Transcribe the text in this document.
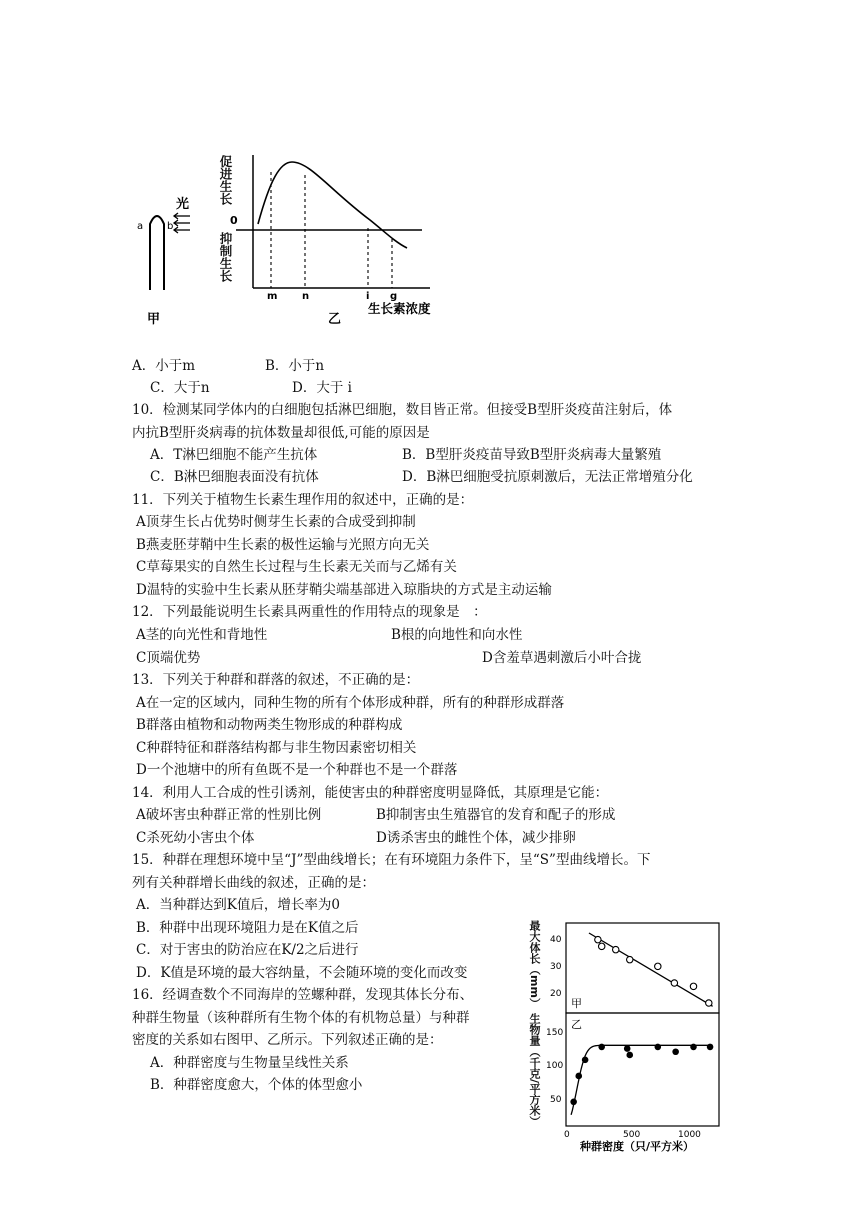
a b
光
甲
0
促进生长
抑制生长
m n	i g
生长素浓度
乙
A．小于m	B．小于n
C．大于n	D．大于 i
10．检测某同学体内的白细胞包括淋巴细胞，数目皆正常。但接受B型肝炎疫苗注射后，体
内抗B型肝炎病毒的抗体数量却很低,可能的原因是
A．T淋巴细胞不能产生抗体	B．B型肝炎疫苗导致B型肝炎病毒大量繁殖
C．B淋巴细胞表面没有抗体	D．B淋巴细胞受抗原刺激后，无法正常增殖分化
11．下列关于植物生长素生理作用的叙述中，正确的是：
A顶芽生长占优势时侧芽生长素的合成受到抑制
B燕麦胚芽鞘中生长素的极性运输与光照方向无关
C草莓果实的自然生长过程与生长素无关而与乙烯有关
D温特的实验中生长素从胚芽鞘尖端基部进入琼脂块的方式是主动运输
12．下列最能说明生长素具两重性的作用特点的现象是　：
A茎的向光性和背地性	B根的向地性和向水性
C顶端优势	D含羞草遇刺激后小叶合拢
13．下列关于种群和群落的叙述，不正确的是：
A在一定的区域内，同种生物的所有个体形成种群，所有的种群形成群落
B群落由植物和动物两类生物形成的种群构成
C种群特征和群落结构都与非生物因素密切相关
D一个池塘中的所有鱼既不是一个种群也不是一个群落
14．利用人工合成的性引诱剂，能使害虫的种群密度明显降低，其原理是它能：
A破坏害虫种群正常的性别比例	B抑制害虫生殖器官的发育和配子的形成
C杀死幼小害虫个体	D诱杀害虫的雌性个体，减少排卵
15．种群在理想环境中呈“J”型曲线增长；在有环境阻力条件下，呈“S”型曲线增长。下
列有关种群增长曲线的叙述，正确的是：
A．当种群达到K值后，增长率为0
B．种群中出现环境阻力是在K值之后
C．对于害虫的防治应在K/2之后进行
D．K值是环境的最大容纳量，不会随环境的变化而改变
16．经调查数个不同海岸的笠螺种群，发现其体长分布、
种群生物量（该种群所有生物个体的有机物总量）与种群
密度的关系如右图甲、乙所示。下列叙述正确的是：
A．种群密度与生物量呈线性关系
B．种群密度愈大，个体的体型愈小
最大体长（mm）
生物量（千克/平方米）
甲
乙
40
30
20
150
100
50
0	500	1000
种群密度（只/平方米）
